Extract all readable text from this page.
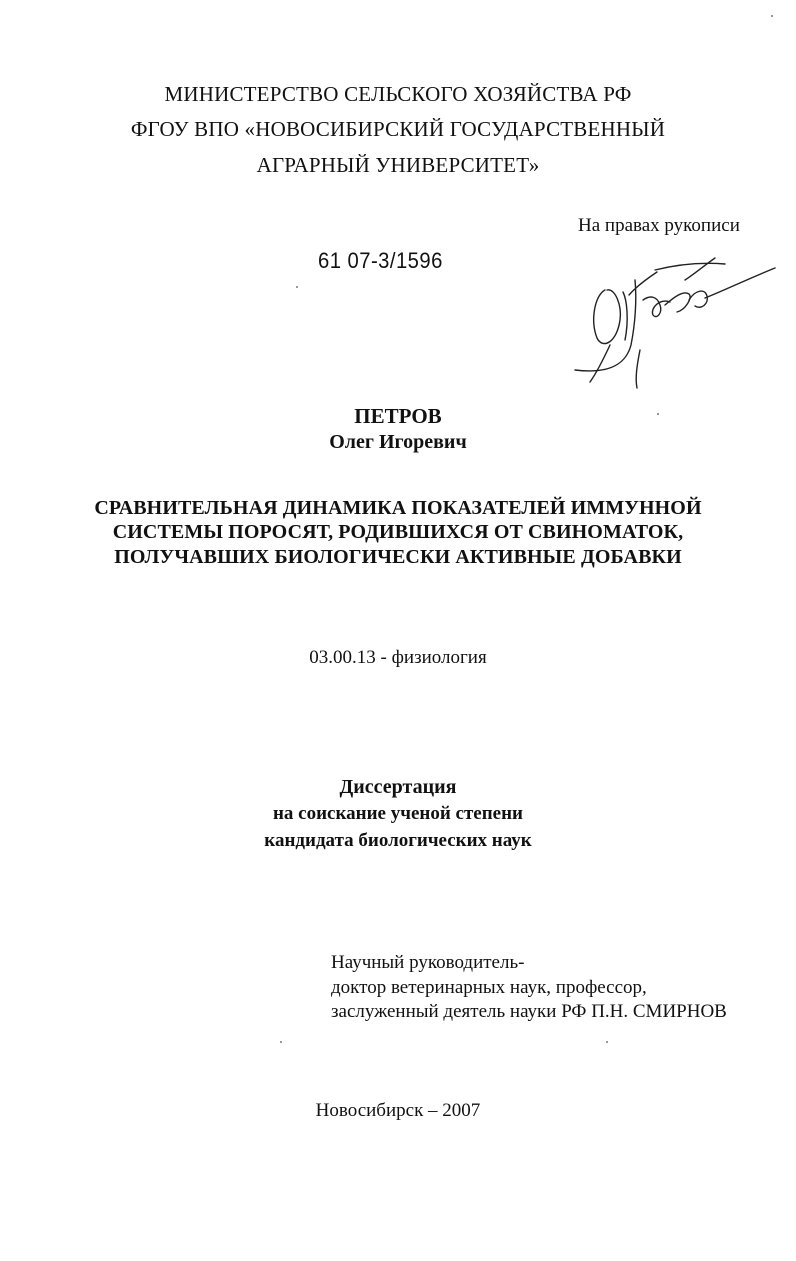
МИНИСТЕРСТВО СЕЛЬСКОГО ХОЗЯЙСТВА РФ
ФГОУ ВПО «НОВОСИБИРСКИЙ ГОСУДАРСТВЕННЫЙ
АГРАРНЫЙ УНИВЕРСИТЕТ»
На правах рукописи
61 07-3/1596
ПЕТРОВ
Олег Игоревич
СРАВНИТЕЛЬНАЯ ДИНАМИКА ПОКАЗАТЕЛЕЙ ИММУННОЙ
СИСТЕМЫ ПОРОСЯТ, РОДИВШИХСЯ ОТ СВИНОМАТОК,
ПОЛУЧАВШИХ БИОЛОГИЧЕСКИ АКТИВНЫЕ ДОБАВКИ
03.00.13 - физиология
Диссертация
на соискание ученой степени
кандидата биологических наук
Научный руководитель-
доктор ветеринарных наук, профессор,
заслуженный деятель науки РФ П.Н. СМИРНОВ
Новосибирск – 2007
